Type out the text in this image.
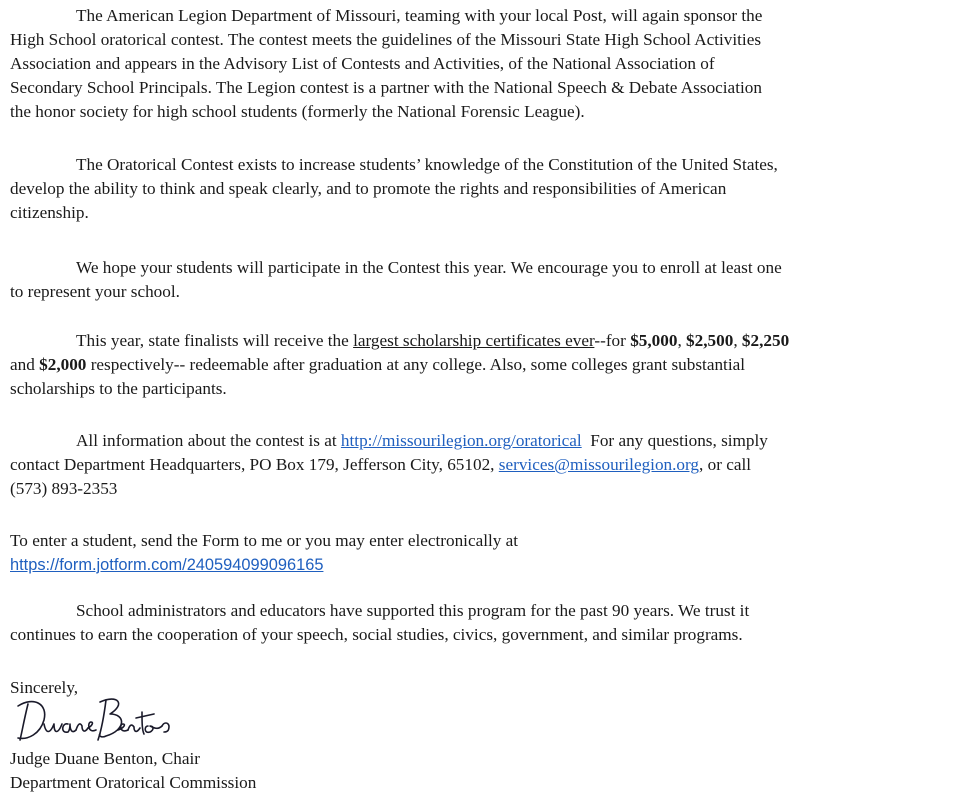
The American Legion Department of Missouri, teaming with your local Post, will again sponsor the
High School oratorical contest. The contest meets the guidelines of the Missouri State High School Activities
Association and appears in the Advisory List of Contests and Activities, of the National Association of
Secondary School Principals. The Legion contest is a partner with the National Speech & Debate Association
the honor society for high school students (formerly the National Forensic League).
The Oratorical Contest exists to increase students’ knowledge of the Constitution of the United States,
develop the ability to think and speak clearly, and to promote the rights and responsibilities of American
citizenship.
We hope your students will participate in the Contest this year. We encourage you to enroll at least one
to represent your school.
This year, state finalists will receive the largest scholarship certificates ever--for $5,000, $2,500, $2,250
and $2,000 respectively-- redeemable after graduation at any college. Also, some colleges grant substantial
scholarships to the participants.
All information about the contest is at http://missourilegion.org/oratorical  For any questions, simply
contact Department Headquarters, PO Box 179, Jefferson City, 65102, services@missourilegion.org, or call
(573) 893-2353
To enter a student, send the Form to me or you may enter electronically at
https://form.jotform.com/240594099096165
School administrators and educators have supported this program for the past 90 years. We trust it
continues to earn the cooperation of your speech, social studies, civics, government, and similar programs.
Sincerely,
Judge Duane Benton, Chair
Department Oratorical Commission
